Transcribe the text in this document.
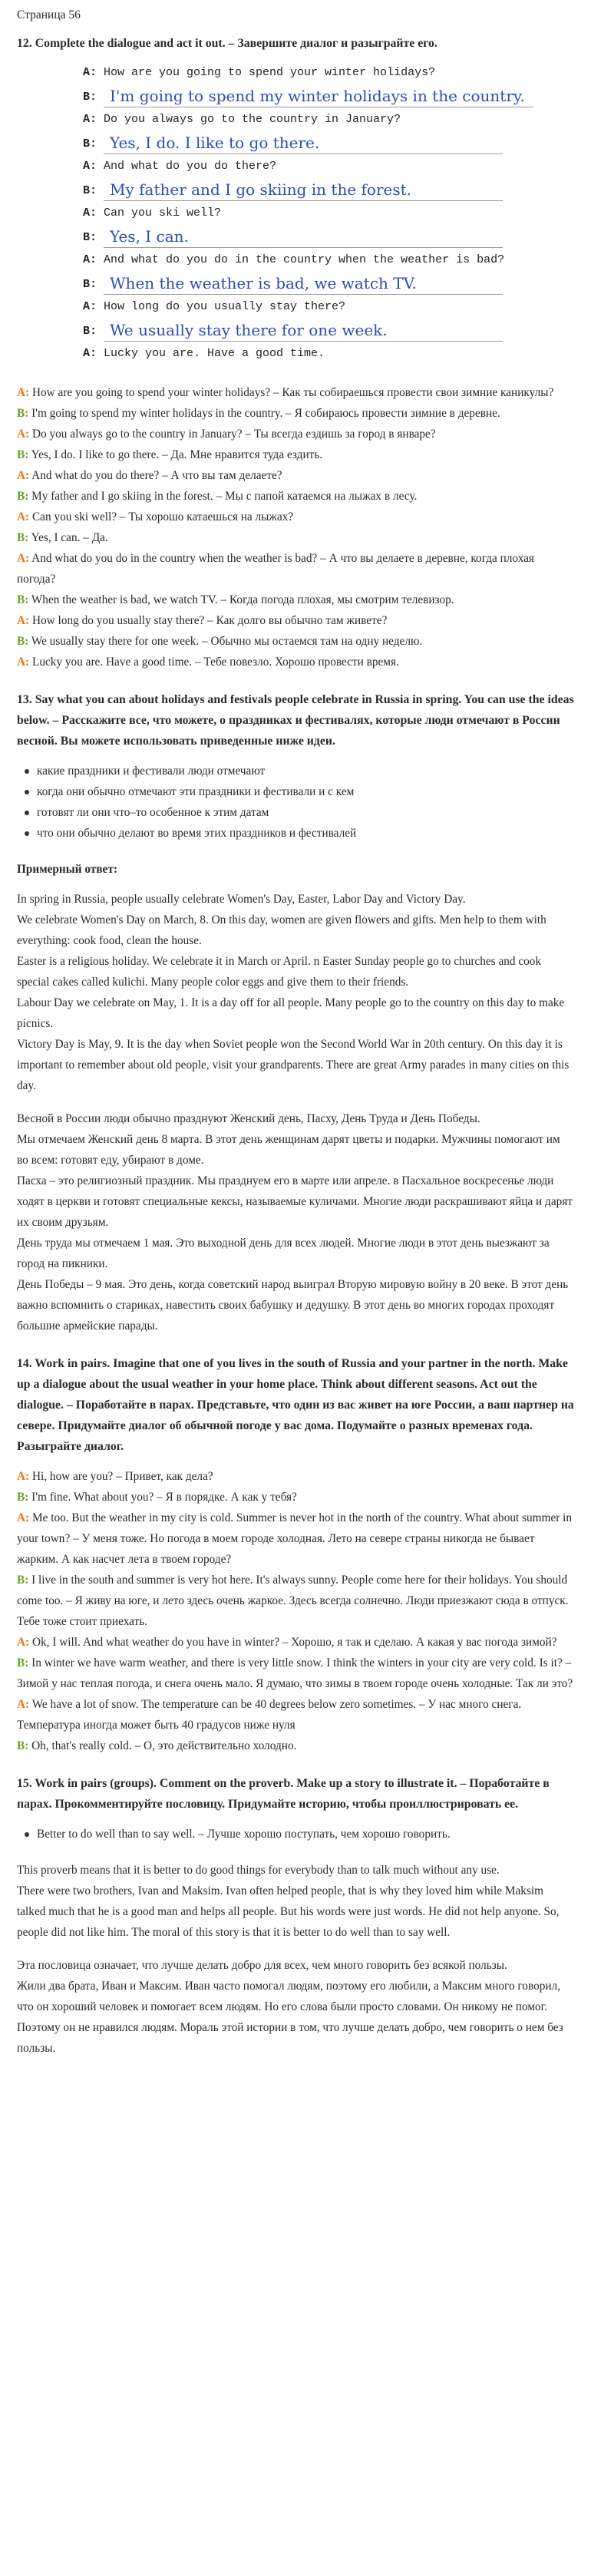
Страница 56
12. Complete the dialogue and act it out. – Завершите диалог и разыграйте его.
A: How are you going to spend your winter holidays?
B: I'm going to spend my winter holidays in the country.
A: Do you always go to the country in January?
B: Yes, I do. I like to go there.
A: And what do you do there?
B: My father and I go skiing in the forest.
A: Can you ski well?
B: Yes, I can.
A: And what do you do in the country when the weather is bad?
B: When the weather is bad, we watch TV.
A: How long do you usually stay there?
B: We usually stay there for one week.
A: Lucky you are. Have a good time.

A: How are you going to spend your winter holidays? – Как ты собираешься провести свои зимние каникулы?

B: I'm going to spend my winter holidays in the country. – Я собираюсь провести зимние в деревне.

A: Do you always go to the country in January? – Ты всегда ездишь за город в январе?

B: Yes, I do. I like to go there. – Да. Мне нравится туда ездить.

A: And what do you do there? – А что вы там делаете?

B: My father and I go skiing in the forest. – Мы с папой катаемся на лыжах в лесу.

A: Can you ski well? – Ты хорошо катаешься на лыжах?

B: Yes, I can. – Да.

A: And what do you do in the country when the weather is bad? – А что вы делаете в деревне, когда плохая погода?

B: When the weather is bad, we watch TV. – Когда погода плохая, мы смотрим телевизор.

A: How long do you usually stay there? – Как долго вы обычно там живете?

B: We usually stay there for one week. – Обычно мы остаемся там на одну неделю.

A: Lucky you are. Have a good time. – Тебе повезло. Хорошо провести время.

13. Say what you can about holidays and festivals people celebrate in Russia in spring. You can use the ideas below. – Расскажите все, что можете, о праздниках и фестивалях, которые люди отмечают в России весной. Вы можете использовать приведенные ниже идеи.
какие праздники и фестивали люди отмечают
когда они обычно отмечают эти праздники и фестивали и с кем
готовят ли они что–то особенное к этим датам
что они обычно делают во время этих праздников и фестивалей

Примерный ответ:

In spring in Russia, people usually celebrate Women's Day, Easter, Labor Day and Victory Day.

We celebrate Women's Day on March, 8. On this day, women are given flowers and gifts. Men help to them with everything: cook food, clean the house.

Easter is a religious holiday. We celebrate it in March or April. n Easter Sunday people go to churches and cook special cakes called kulichi. Many people color eggs and give them to their friends.

Labour Day we celebrate on May, 1. It is a day off for all people. Many people go to the country on this day to make picnics.

Victory Day is May, 9. It is the day when Soviet people won the Second World War in 20th century. On this day it is important to remember about old people, visit your grandparents. There are great Army parades in many cities on this day.

Весной в России люди обычно празднуют Женский день, Пасху, День Труда и День Победы.

Мы отмечаем Женский день 8 марта. В этот день женщинам дарят цветы и подарки. Мужчины помогают им во всем: готовят еду, убирают в доме.

Пасха – это религиозный праздник. Мы празднуем его в марте или апреле. в Пасхальное воскресенье люди ходят в церкви и готовят специальные кексы, называемые куличами. Многие люди раскрашивают яйца и дарят их своим друзьям.

День труда мы отмечаем 1 мая. Это выходной день для всех людей. Многие люди в этот день выезжают за город на пикники.

День Победы – 9 мая. Это день, когда советский народ выиграл Вторую мировую войну в 20 веке. В этот день важно вспомнить о стариках, навестить своих бабушку и дедушку. В этот день во многих городах проходят большие армейские парады.

14. Work in pairs. Imagine that one of you lives in the south of Russia and your partner in the north. Make up a dialogue about the usual weather in your home place. Think about different seasons. Act out the dialogue. – Поработайте в парах. Представьте, что один из вас живет на юге России, а ваш партнер на севере. Придумайте диалог об обычной погоде у вас дома. Подумайте о разных временах года. Разыграйте диалог.

A: Hi, how are you? – Привет, как дела?

B: I'm fine. What about you? – Я в порядке. А как у тебя?

A: Me too. But the weather in my city is cold. Summer is never hot in the north of the country. What about summer in your town? – У меня тоже. Но погода в моем городе холодная. Лето на севере страны никогда не бывает жарким. А как насчет лета в твоем городе?

B: I live in the south and summer is very hot here. It's always sunny. People come here for their holidays. You should come too. – Я живу на юге, и лето здесь очень жаркое. Здесь всегда солнечно. Люди приезжают сюда в отпуск. Тебе тоже стоит приехать.

A: Ok, I will. And what weather do you have in winter? – Хорошо, я так и сделаю. А какая у вас погода зимой?

B: In winter we have warm weather, and there is very little snow. I think the winters in your city are very cold. Is it? – Зимой у нас теплая погода, и снега очень мало. Я думаю, что зимы в твоем городе очень холодные. Так ли это?

A: We have a lot of snow. The temperature can be 40 degrees below zero sometimes. – У нас много снега. Температура иногда может быть 40 градусов ниже нуля

B: Oh, that's really cold. – О, это действительно холодно.

15. Work in pairs (groups). Comment on the proverb. Make up a story to illustrate it. – Поработайте в парах. Прокомментируйте пословицу. Придумайте историю, чтобы проиллюстрировать ее.
Better to do well than to say well. – Лучше хорошо поступать, чем хорошо говорить.

This proverb means that it is better to do good things for everybody than to talk much without any use.

There were two brothers, Ivan and Maksim. Ivan often helped people, that is why they loved him while Maksim talked much that he is a good man and helps all people. But his words were just words. He did not help anyone. So, people did not like him. The moral of this story is that it is better to do well than to say well.

Эта пословица означает, что лучше делать добро для всех, чем много говорить без всякой пользы.

Жили два брата, Иван и Максим. Иван часто помогал людям, поэтому его любили, а Максим много говорил, что он хороший человек и помогает всем людям. Но его слова были просто словами. Он никому не помог. Поэтому он не нравился людям. Мораль этой истории в том, что лучше делать добро, чем говорить о нем без пользы.
